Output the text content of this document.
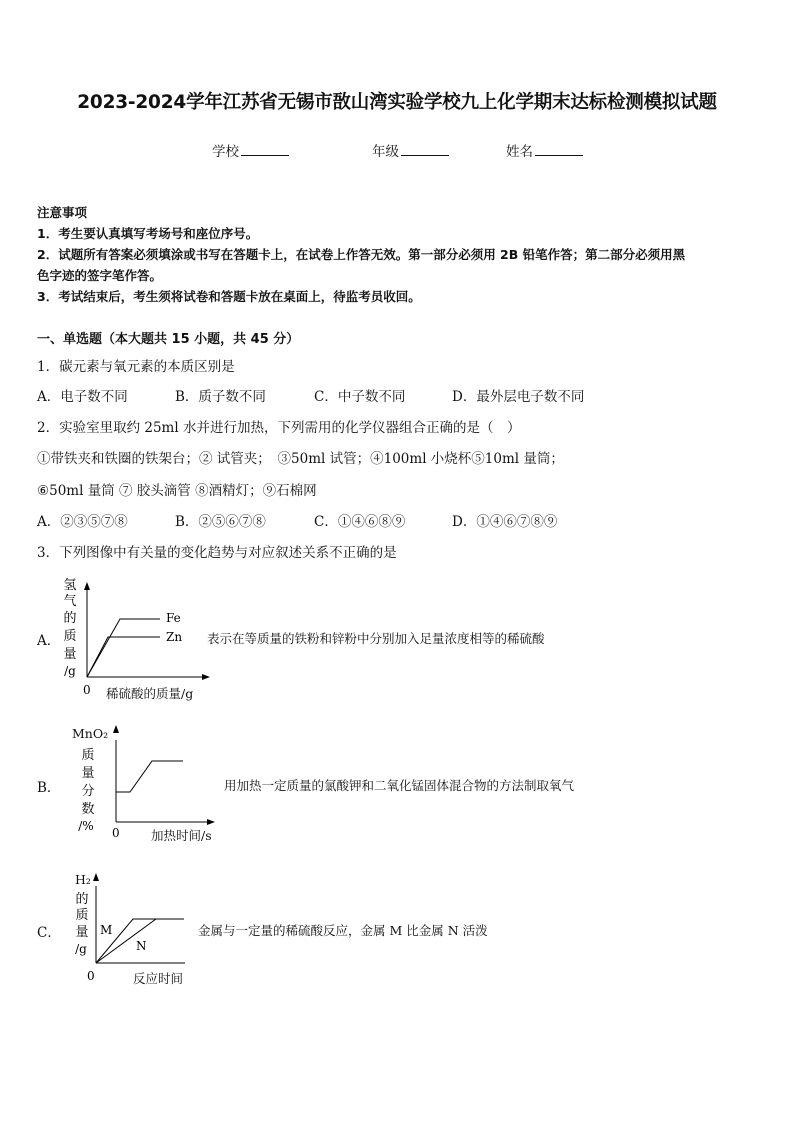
2023-2024学年江苏省无锡市敔山湾实验学校九上化学期末达标检测模拟试题
学校	年级	姓名
注意事项
1．考生要认真填写考场号和座位序号。
2．试题所有答案必须填涂或书写在答题卡上，在试卷上作答无效。第一部分必须用 2B 铅笔作答；第二部分必须用黑
色字迹的签字笔作答。
3．考试结束后，考生须将试卷和答题卡放在桌面上，待监考员收回。
一、单选题（本大题共 15 小题，共 45 分）
1．碳元素与氧元素的本质区别是
A．电子数不同	B．质子数不同	C．中子数不同	D．最外层电子数不同
2．实验室里取约 25ml 水并进行加热，下列需用的化学仪器组合正确的是（　）
①带铁夹和铁圈的铁架台；② 试管夹；　③50ml 试管；④100ml 小烧杯⑤10ml 量筒；
⑥50ml 量筒 ⑦ 胶头滴管 ⑧酒精灯；⑨石棉网
A．②③⑤⑦⑧	B．②⑤⑥⑦⑧	C．①④⑥⑧⑨	D．①④⑥⑦⑧⑨
3．下列图像中有关量的变化趋势与对应叙述关系不正确的是
A．
氢
气
的
质
量
/g
Fe
Zn
0 稀硫酸的质量/g
表示在等质量的铁粉和锌粉中分别加入足量浓度相等的稀硫酸
B．
MnO₂
质
量
分
数
/% 0	加热时间/s
用加热一定质量的氯酸钾和二氧化锰固体混合物的方法制取氧气
C．
H₂
的
质
量
/g
M
N
0	反应时间
金属与一定量的稀硫酸反应，金属 M 比金属 N 活泼
